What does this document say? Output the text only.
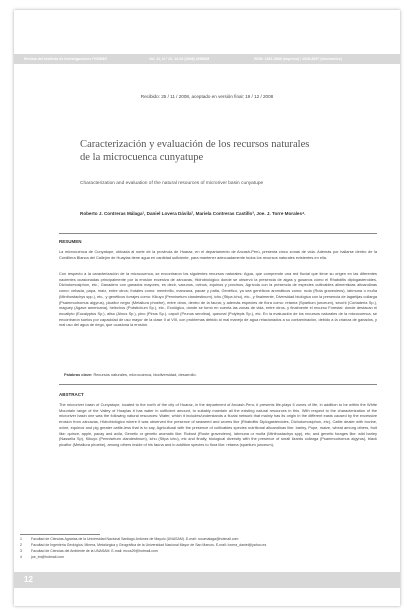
Revista del Instituto de Investigaciones FIGMMG	Vol. 11, N.° 22, 13-20 (2008) UNMSM	ISSN: 1561-0888 (impreso) / 1628-8097 (electrónico)
Recibido: 25 / 11 / 2008, aceptado en versión final: 19 / 12 / 2008
Caracterización y evaluación de los recursos naturales
de la microcuenca cunyatupe
Characterization and evaluation of the natural resources of microriver basin cunyatupe
Roberto J. Contreras Málaga¹, Daniel Lovera Dávila², Mariela Contreras Castillo³, Joe. J. Torre Morales⁴.
RESUMEN
La microcuenca de Cunyatupe, ubicada al norte de la provincia de Huaraz, en el departamento de Ancash-Perú, presenta cinco zonas de vida. Además por hallarse dentro de la Cordillera Blanca del Callejón de Huaylas tiene agua en cantidad suficiente, para mantener adecuadamente todos los recursos naturales existentes en ella.
Con respecto a la caracterización de la microcuenca, se encontraron los siguientes recursos naturales: Agua, que comprende una red fluvial que tiene su origen en las diferentes nacientes ocasionadas principalmente por la erosión excesiva de zárcavas, Hidrobiológico donde se observó la presencia de algas y gusanos como el Rhabditis diplogasteroides, Dichotomosiphon, etc., Ganadero con ganados mayores, es decir, vacunos, ovinos, equinos y porcinos, Agrícola con la presencia de especies cultivables alimenticias altoandinas como: cebada, papa, maíz, entre otros; frutales como: membrillo, manzana, pacae y palta, Genético, ya sea genéticos aromáticos como: ruda (Ruta graveolens), lahmuna o muña (Minthostachys spp.), etc., y genéticos forrajes como: Kikuyo (Pennisetum clandestinum), ichu (Stipa ichu), etc., y finalmente, Diversidad biológica con la presencia de lagartijas collarga (Psammodromus algyrus), picaflor negro (Metallura phoebe), entre otros, dentro de la fauna; y además especies de flora como: retama (Spartium junceum), secchi (Cortaderia Sp.), maguey (Agave americana), helechos (Polistichum Sp.), etc., Ecológico, donde se tomó en cuenta las zonas de vida, entre otros, y finalmente el recurso Forestal: donde destacan el eucalipto (Eucalyptus Sp.), aliso (Alnus Sp.), pino (Pinus Sp.), capulí (Prunus serotina), queunal (Polylepis Sp.), etc. En la evaluación de los recursos naturales de la microcuenca, se encontraron suelos por capacidad de uso mayor de la clase II al VIII, con problemas debido al mal manejo de agua relacionados a su contaminación, debido a la crianza de ganados, y mal uso del agua de riego, que ocasiona la erosión.
Palabras clave: Recursos naturales, microcuenca, biodiversidad, desarrollo.
ABSTRACT
The microriver basin of Cunyatupe, located to the north of the city of Huaraz, in the department of Ancash-Peru; it presents life-plays 5 zones of life, in addition to be within the White Mountain range of the Valley of Huaylas it has water in sufficient amount, to suitably maintain all the existing natural resources in this. With respect to the characterization of the microriver basin one was the following natural resources: Water, which it includes/understands a fluvial network that mainly has its origin in the different easts caused by the excessive erosion from zárcavas, Hidrobiológico where it was observed the presence of seaweed and worms like (Rhabditis Diplogasteroides, Dichotomosiphon, etc), Cattle dealer with bovine, ovine, equinos and pig greater cattle-less that is to say, Agricultural with the presence of cultivables species nutritional altoandinas like: barley, Pope, maize, wheat among others, fruit like: quince, apple, pacay and avila, Genetic or genetic aromatic like: Robust (Route graveolens), lahmuna or muña (Minthostachys spp), etc; and genetic forages like: wild barley (Nassella Sp), Kikuyo (Pennisetum clandestinum), ichu (Stipa ichu), etc and finally, biological diversity with the presence of small lizards collarga (Psammodromus algyrus), black picaflor (Metallura phoebe), among others inside of his fauna and in addition species to flora like: retama (spartium junceum),
1	Facultad de Ciencias Agrarias de la Universidad Nacional Santiago Antúnez de Mayolo (UNASAM). E-mail: rocomalaga@hotmail.com
2	Facultad de Ingeniería Geológica, Minera, Metalúrgica y Geográfica de la Universidad Nacional Mayor de San Marcos. E-mail: lovera_daniel@yahoo.es
3	Facultad de Ciencias del Ambiente de la UNASAM. E-mail: mcos29@hotmail.com
4	joe_tm@hotmail.com
12
